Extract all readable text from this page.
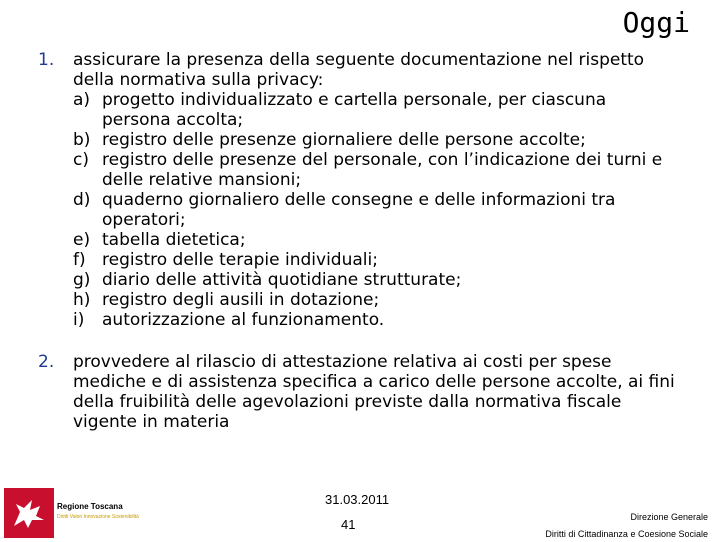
Oggi
1.	assicurare la presenza della seguente documentazione nel rispetto della normativa sulla privacy:
a) progetto individualizzato e cartella personale, per ciascuna persona accolta;
b) registro delle presenze giornaliere delle persone accolte;
c) registro delle presenze del personale, con l’indicazione dei turni e delle relative mansioni;
d) quaderno giornaliero delle consegne e delle informazioni tra operatori;
e) tabella dietetica;
f) registro delle terapie individuali;
g) diario delle attività quotidiane strutturate;
h) registro degli ausili in dotazione;
i)	autorizzazione al funzionamento.
2.	provvedere al rilascio di attestazione relativa ai costi per spese mediche e di assistenza specifica a carico delle persone accolte, ai fini della fruibilità delle agevolazioni previste dalla normativa fiscale vigente in materia
Regione Toscana
Diritti Valori Innovazione Sostenibilità
31.03.2011
41	Direzione Generale
Diritti di Cittadinanza e Coesione Sociale
